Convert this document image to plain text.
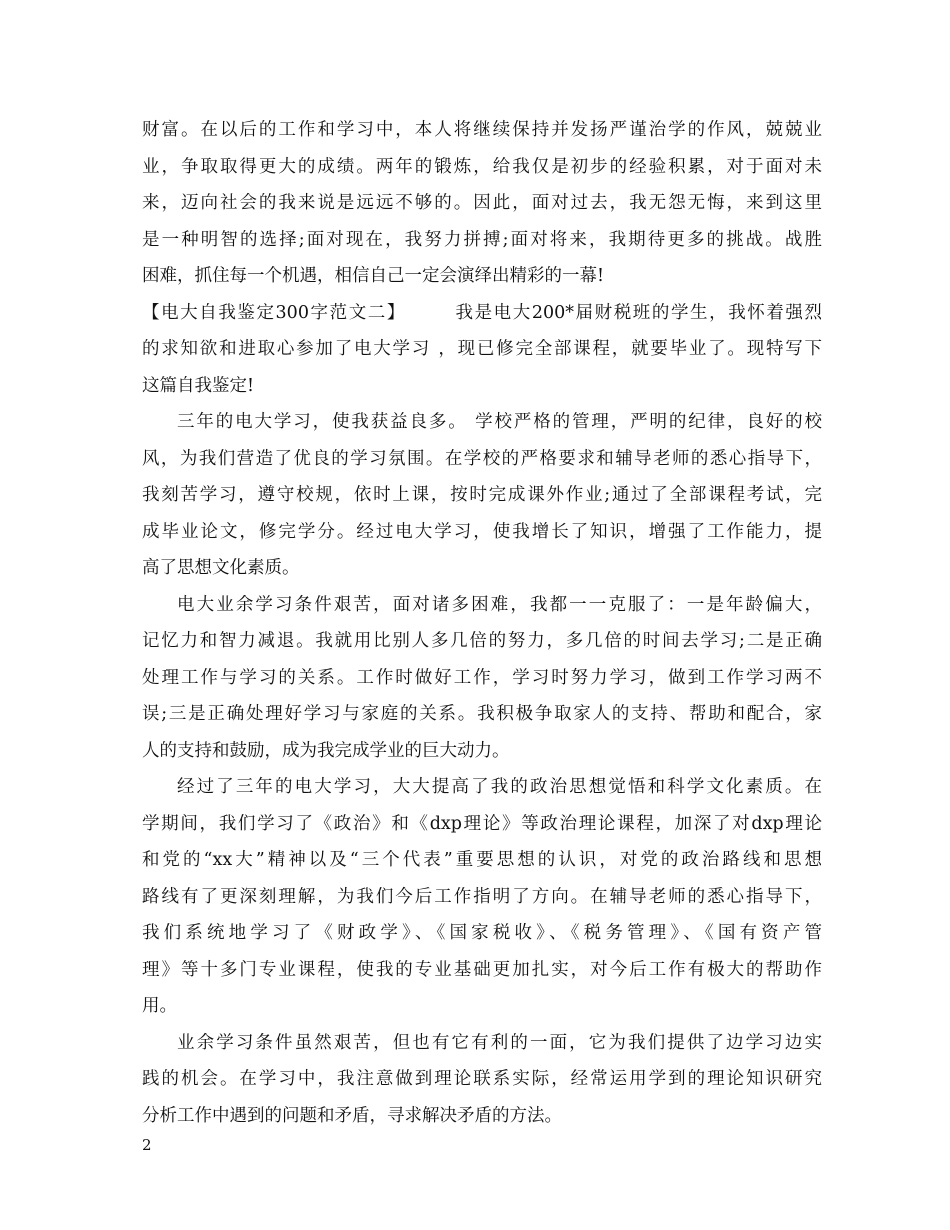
财富。在以后的工作和学习中，本人将继续保持并发扬严谨治学的作风，兢兢业
业，争取取得更大的成绩。两年的锻炼，给我仅是初步的经验积累，对于面对未
来，迈向社会的我来说是远远不够的。因此，面对过去，我无怨无悔，来到这里
是一种明智的选择;面对现在，我努力拼搏;面对将来，我期待更多的挑战。战胜
困难，抓住每一个机遇，相信自己一定会演绎出精彩的一幕!
【电大自我鉴定300字范文二】	我是电大200*届财税班的学生，我怀着强烈
的求知欲和进取心参加了电大学习 ，现已修完全部课程，就要毕业了。现特写下
这篇自我鉴定!
三年的电大学习，使我获益良多。 学校严格的管理，严明的纪律，良好的校
风，为我们营造了优良的学习氛围。在学校的严格要求和辅导老师的悉心指导下，
我刻苦学习，遵守校规，依时上课，按时完成课外作业;通过了全部课程考试，完
成毕业论文，修完学分。经过电大学习，使我增长了知识，增强了工作能力，提
高了思想文化素质。
电大业余学习条件艰苦，面对诸多困难，我都一一克服了：一是年龄偏大，
记忆力和智力减退。我就用比别人多几倍的努力，多几倍的时间去学习;二是正确
处理工作与学习的关系。工作时做好工作，学习时努力学习，做到工作学习两不
误;三是正确处理好学习与家庭的关系。我积极争取家人的支持、帮助和配合，家
人的支持和鼓励，成为我完成学业的巨大动力。
经过了三年的电大学习，大大提高了我的政治思想觉悟和科学文化素质。在
学期间，我们学习了《政治》和《dxp理论》等政治理论课程，加深了对dxp理论
和党的“xx大”精神以及“三个代表”重要思想的认识，对党的政治路线和思想
路线有了更深刻理解，为我们今后工作指明了方向。在辅导老师的悉心指导下，
我们系统地学习了《财政学》、《国家税收》、《税务管理》、《国有资产管
理》等十多门专业课程，使我的专业基础更加扎实，对今后工作有极大的帮助作
用。
业余学习条件虽然艰苦，但也有它有利的一面，它为我们提供了边学习边实
践的机会。在学习中，我注意做到理论联系实际，经常运用学到的理论知识研究
分析工作中遇到的问题和矛盾，寻求解决矛盾的方法。
2
